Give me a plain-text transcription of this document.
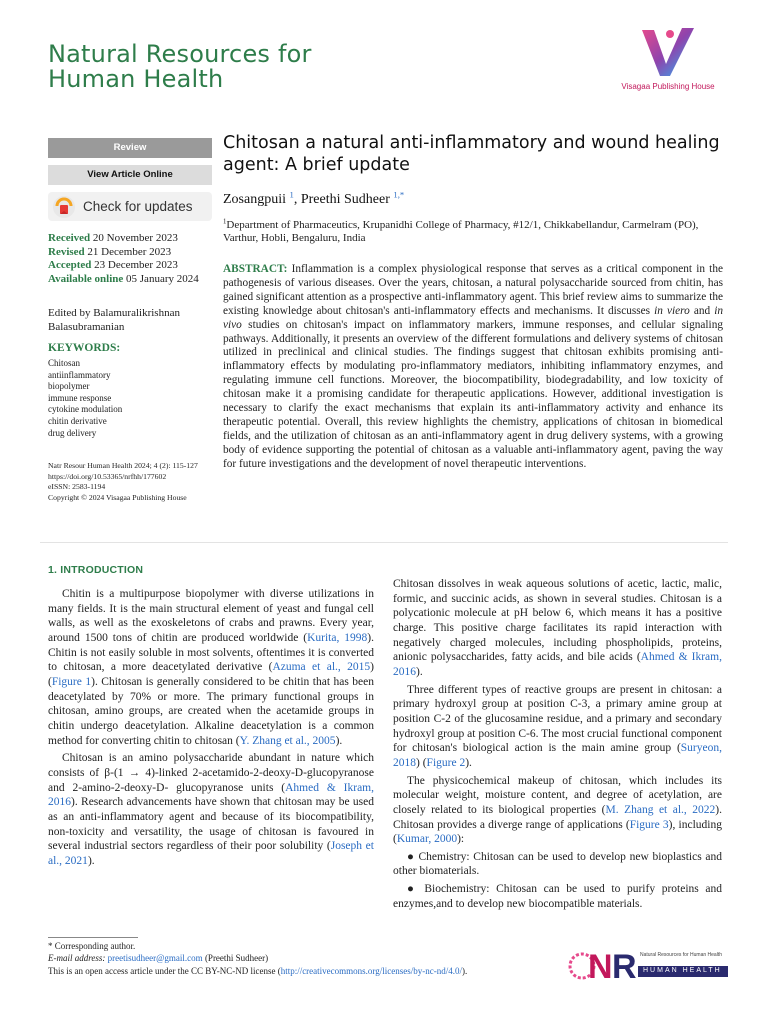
Natural Resources for
Human Health	Visagaa Publishing House
Review
View Article Online
Check for updates
Received 20 November 2023
Revised 21 December 2023
Accepted 23 December 2023
Available online 05 January 2024
Edited by Balamuralikrishnan Balasubramanian
KEYWORDS:
Chitosan
antiinflammatory
biopolymer
immune response
cytokine modulation
chitin derivative
drug delivery
Natr Resour Human Health 2024; 4 (2): 115-127
https://doi.org/10.53365/nrfhh/177602
eISSN: 2583-1194
Copyright © 2024 Visagaa Publishing House
Chitosan a natural anti-inflammatory and wound healing agent: A brief update
Zosangpuii $^1$, Preethi Sudheer $^{1,*}$
$^1$Department of Pharmaceutics, Krupanidhi College of Pharmacy, #12/1, Chikkabellandur, Carmelram (PO), Varthur, Hobli, Bengaluru, India
ABSTRACT: Inflammation is a complex physiological response that serves as a critical component in the pathogenesis of various diseases. Over the years, chitosan, a natural polysaccharide sourced from chitin, has gained significant attention as a prospective anti-inflammatory agent. This brief review aims to summarize the existing knowledge about chitosan's anti-inflammatory effects and mechanisms. It discusses in viero and in vivo studies on chitosan's impact on inflammatory markers, immune responses, and cellular signaling pathways. Additionally, it presents an overview of the different formulations and delivery systems of chitosan utilized in preclinical and clinical studies. The findings suggest that chitosan exhibits promising anti-inflammatory effects by modulating pro-inflammatory mediators, inhibiting inflammatory enzymes, and regulating immune cell functions. Moreover, the biocompatibility, biodegradability, and low toxicity of chitosan make it a promising candidate for therapeutic applications. However, additional investigation is necessary to clarify the exact mechanisms that explain its anti-inflammatory activity and enhance its therapeutic potential. Overall, this review highlights the chemistry, applications of chitosan in biomedical fields, and the utilization of chitosan as an anti-inflammatory agent in drug delivery systems, with a growing body of evidence supporting the potential of chitosan as a valuable anti-inflammatory agent, paving the way for future investigations and the development of novel therapeutic interventions.
1. INTRODUCTION

Chitin is a multipurpose biopolymer with diverse utilizations in many fields. It is the main structural element of yeast and fungal cell walls, as well as the exoskeletons of crabs and prawns. Every year, around 1500 tons of chitin are produced worldwide (Kurita, 1998). Chitin is not easily soluble in most solvents, oftentimes it is converted to chitosan, a more deacetylated derivative (Azuma et al., 2015) (Figure 1). Chitosan is generally considered to be chitin that has been deacetylated by 70% or more. The primary functional groups in chitosan, amino groups, are created when the acetamide groups in chitin undergo deacetylation. Alkaline deacetylation is a common method for converting chitin to chitosan (Y. Zhang et al., 2005).

Chitosan is an amino polysaccharide abundant in nature which consists of β-(1 → 4)-linked 2-acetamido-2-deoxy-D-glucopyranose and 2-amino-2-deoxy-D- glucopyranose units (Ahmed & Ikram, 2016). Research advancements have shown that chitosan may be used as an anti-inflammatory agent and because of its biocompatibility, non-toxicity and versatility, the usage of chitosan is favoured in several industrial sectors regardless of their poor solubility (Joseph et al., 2021).

Chitosan dissolves in weak aqueous solutions of acetic, lactic, malic, formic, and succinic acids, as shown in several studies. Chitosan is a polycationic molecule at pH below 6, which means it has a positive charge. This positive charge facilitates its rapid interaction with negatively charged molecules, including phospholipids, proteins, anionic polysaccharides, fatty acids, and bile acids (Ahmed & Ikram, 2016).

Three different types of reactive groups are present in chitosan: a primary hydroxyl group at position C-3, a primary amine group at position C-2 of the glucosamine residue, and a primary and secondary hydroxyl group at position C-6. The most crucial functional component for chitosan's biological action is the main amine group (Suryeon, 2018) (Figure 2).

The physicochemical makeup of chitosan, which includes its molecular weight, moisture content, and degree of acetylation, are closely related to its biological properties (M. Zhang et al., 2022). Chitosan provides a diverge range of applications (Figure 3), including (Kumar, 2000):

● Chemistry: Chitosan can be used to develop new bioplastics and other biomaterials.

● Biochemistry: Chitosan can be used to purify proteins and enzymes,and to develop new biocompatible materials.

* Corresponding author.
E-mail address: preetisudheer@gmail.com (Preethi Sudheer)
This is an open access article under the CC BY-NC-ND license (http://creativecommons.org/licenses/by-nc-nd/4.0/).	N R Natural Resources for Human Health
HUMAN HEALTH
